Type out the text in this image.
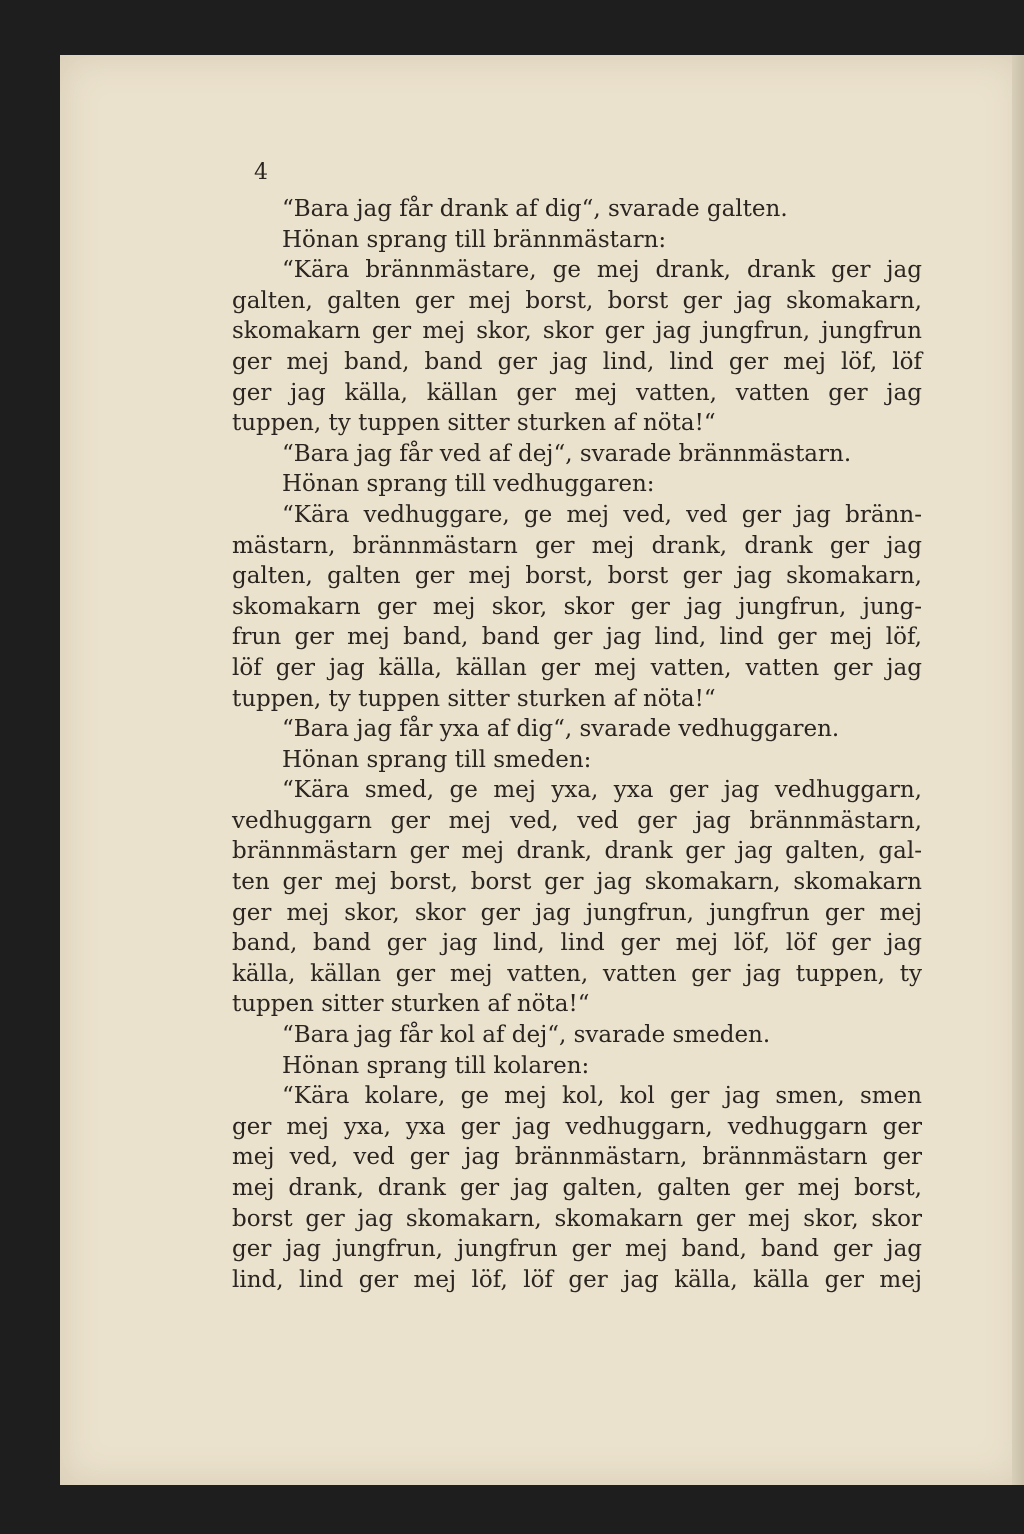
4
“Bara jag får drank af dig“, svarade galten.
Hönan sprang till brännmästarn:
“Kära brännmästare, ge mej drank, drank ger jag
galten, galten ger mej borst, borst ger jag skomakarn,
skomakarn ger mej skor, skor ger jag jungfrun, jungfrun
ger mej band, band ger jag lind, lind ger mej löf, löf
ger jag källa, källan ger mej vatten, vatten ger jag
tuppen, ty tuppen sitter sturken af nöta!“
“Bara jag får ved af dej“, svarade brännmästarn.
Hönan sprang till vedhuggaren:
“Kära vedhuggare, ge mej ved, ved ger jag bränn-
mästarn, brännmästarn ger mej drank, drank ger jag
galten, galten ger mej borst, borst ger jag skomakarn,
skomakarn ger mej skor, skor ger jag jungfrun, jung-
frun ger mej band, band ger jag lind, lind ger mej löf,
löf ger jag källa, källan ger mej vatten, vatten ger jag
tuppen, ty tuppen sitter sturken af nöta!“
“Bara jag får yxa af dig“, svarade vedhuggaren.
Hönan sprang till smeden:
“Kära smed, ge mej yxa, yxa ger jag vedhuggarn,
vedhuggarn ger mej ved, ved ger jag brännmästarn,
brännmästarn ger mej drank, drank ger jag galten, gal-
ten ger mej borst, borst ger jag skomakarn, skomakarn
ger mej skor, skor ger jag jungfrun, jungfrun ger mej
band, band ger jag lind, lind ger mej löf, löf ger jag
källa, källan ger mej vatten, vatten ger jag tuppen, ty
tuppen sitter sturken af nöta!“
“Bara jag får kol af dej“, svarade smeden.
Hönan sprang till kolaren:
“Kära kolare, ge mej kol, kol ger jag smen, smen
ger mej yxa, yxa ger jag vedhuggarn, vedhuggarn ger
mej ved, ved ger jag brännmästarn, brännmästarn ger
mej drank, drank ger jag galten, galten ger mej borst,
borst ger jag skomakarn, skomakarn ger mej skor, skor
ger jag jungfrun, jungfrun ger mej band, band ger jag
lind, lind ger mej löf, löf ger jag källa, källa ger mej
